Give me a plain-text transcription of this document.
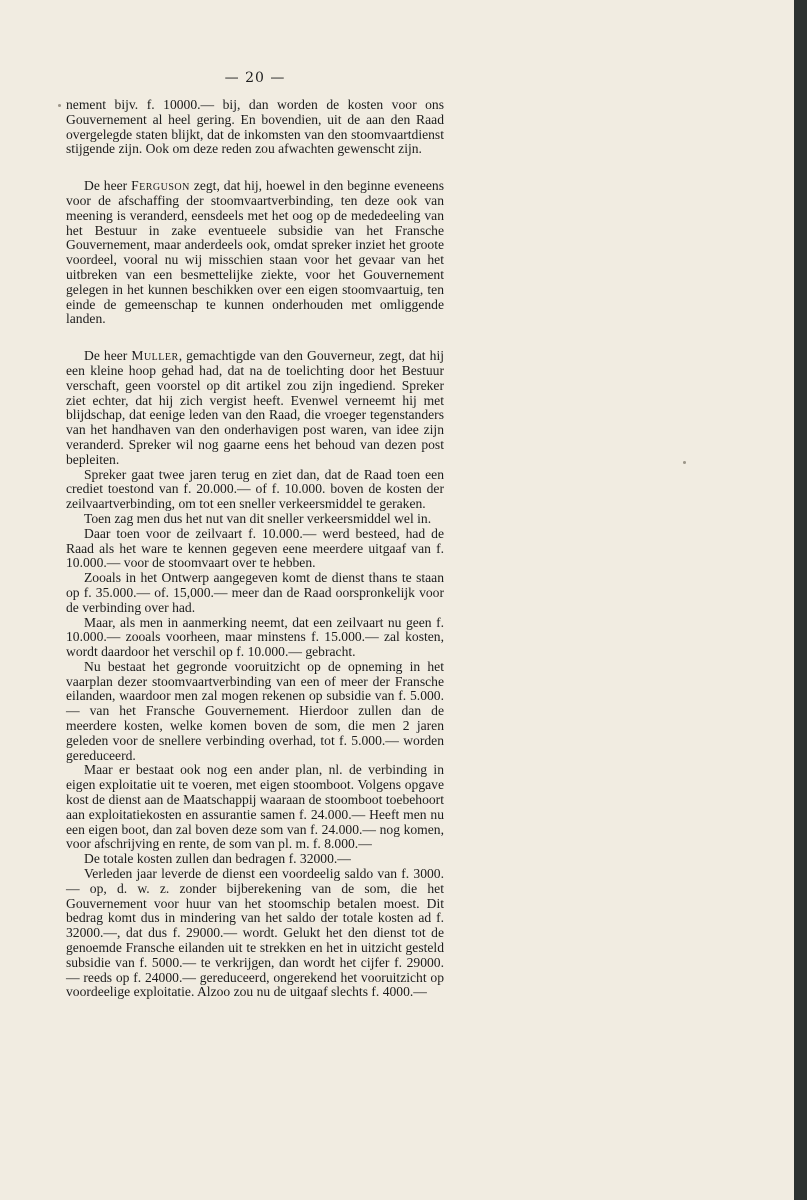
— 20 —

nement bijv. f. 10000.— bij, dan worden de kosten voor ons Gouvernement al heel gering. En bovendien, uit de aan den Raad overgelegde staten blijkt, dat de inkomsten van den stoomvaartdienst stijgende zijn. Ook om deze reden zou afwachten gewenscht zijn.

De heer Ferguson zegt, dat hij, hoewel in den beginne eveneens voor de afschaffing der stoomvaartverbinding, ten deze ook van meening is veranderd, eensdeels met het oog op de mededeeling van het Bestuur in zake eventueele subsidie van het Fransche Gouvernement, maar anderdeels ook, omdat spreker inziet het groote voordeel, vooral nu wij misschien staan voor het gevaar van het uitbreken van een besmettelijke ziekte, voor het Gouvernement gelegen in het kunnen beschikken over een eigen stoomvaartuig, ten einde de gemeenschap te kunnen onderhouden met omliggende landen.

De heer Muller, gemachtigde van den Gouverneur, zegt, dat hij een kleine hoop gehad had, dat na de toelichting door het Bestuur verschaft, geen voorstel op dit artikel zou zijn ingediend. Spreker ziet echter, dat hij zich vergist heeft. Evenwel verneemt hij met blijdschap, dat eenige leden van den Raad, die vroeger tegenstanders van het handhaven van den onderhavigen post waren, van idee zijn veranderd. Spreker wil nog gaarne eens het behoud van dezen post bepleiten.

Spreker gaat twee jaren terug en ziet dan, dat de Raad toen een crediet toestond van f. 20.000.— of f. 10.000. boven de kosten der zeilvaartverbinding, om tot een sneller verkeersmiddel te geraken.

Toen zag men dus het nut van dit sneller verkeersmiddel wel in.

Daar toen voor de zeilvaart f. 10.000.— werd besteed, had de Raad als het ware te kennen gegeven eene meerdere uitgaaf van f. 10.000.— voor de stoomvaart over te hebben.

Zooals in het Ontwerp aangegeven komt de dienst thans te staan op f. 35.000.— of. 15,000.— meer dan de Raad oorspronkelijk voor de verbinding over had.

Maar, als men in aanmerking neemt, dat een zeilvaart nu geen f. 10.000.— zooals voorheen, maar minstens f. 15.000.— zal kosten, wordt daardoor het verschil op f. 10.000.— gebracht.

Nu bestaat het gegronde vooruitzicht op de opneming in het vaarplan dezer stoomvaartverbinding van een of meer der Fransche eilanden, waardoor men zal mogen rekenen op subsidie van f. 5.000.— van het Fransche Gouvernement. Hierdoor zullen dan de meerdere kosten, welke komen boven de som, die men 2 jaren geleden voor de snellere verbinding overhad, tot f. 5.000.— worden gereduceerd.

Maar er bestaat ook nog een ander plan, nl. de verbinding in eigen exploitatie uit te voeren, met eigen stoomboot. Volgens opgave kost de dienst aan de Maatschappij waaraan de stoomboot toebehoort aan exploitatiekosten en assurantie samen f. 24.000.— Heeft men nu een eigen boot, dan zal boven deze som van f. 24.000.— nog komen, voor afschrijving en rente, de som van pl. m. f. 8.000.—

De totale kosten zullen dan bedragen f. 32000.—

Verleden jaar leverde de dienst een voordeelig saldo van f. 3000.— op, d. w. z. zonder bijberekening van de som, die het Gouvernement voor huur van het stoomschip betalen moest. Dit bedrag komt dus in mindering van het saldo der totale kosten ad f. 32000.—, dat dus f. 29000.— wordt. Gelukt het den dienst tot de genoemde Fransche eilanden uit te strekken en het in uitzicht gesteld subsidie van f. 5000.— te verkrijgen, dan wordt het cijfer f. 29000.— reeds op f. 24000.— gereduceerd, ongerekend het vooruitzicht op voordeelige exploitatie. Alzoo zou nu de uitgaaf slechts f. 4000.—
